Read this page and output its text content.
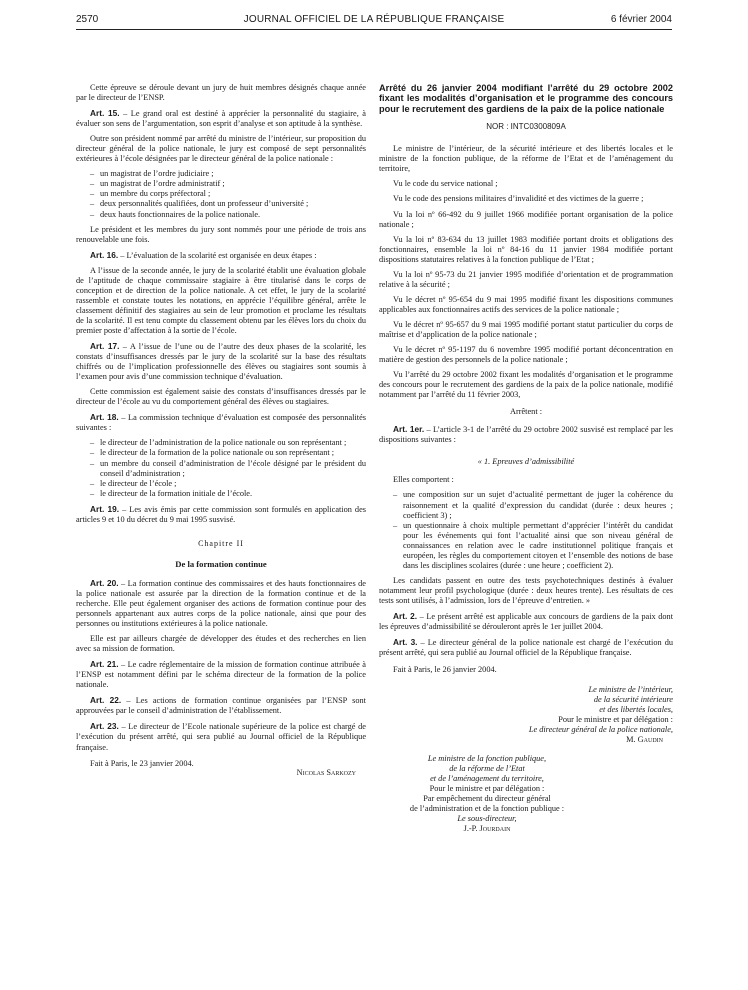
2570	JOURNAL OFFICIEL DE LA RÉPUBLIQUE FRANÇAISE	6 février 2004

Cette épreuve se déroule devant un jury de huit membres désignés chaque année par le directeur de l’ENSP.

Art. 15. – Le grand oral est destiné à apprécier la personnalité du stagiaire, à évaluer son sens de l’argumentation, son esprit d’analyse et son aptitude à la synthèse.

Outre son président nommé par arrêté du ministre de l’intérieur, sur proposition du directeur général de la police nationale, le jury est composé de sept personnalités extérieures à l’école désignées par le directeur général de la police nationale :

– un magistrat de l’ordre judiciaire ;
– un magistrat de l’ordre administratif ;
– un membre du corps préfectoral ;
– deux personnalités qualifiées, dont un professeur d’université ;
– deux hauts fonctionnaires de la police nationale.

Le président et les membres du jury sont nommés pour une période de trois ans renouvelable une fois.

Art. 16. – L’évaluation de la scolarité est organisée en deux étapes :

A l’issue de la seconde année, le jury de la scolarité établit une évaluation globale de l’aptitude de chaque commissaire stagiaire à être titularisé dans le corps de conception et de direction de la police nationale. A cet effet, le jury de la scolarité rassemble et constate toutes les notations, en apprécie l’équilibre général, arrête le classement définitif des stagiaires au sein de leur promotion et proclame les résultats de la scolarité. Il est tenu compte du classement obtenu par les élèves lors du choix du premier poste d’affectation à la sortie de l’école.

Art. 17. – A l’issue de l’une ou de l’autre des deux phases de la scolarité, les constats d’insuffisances dressés par le jury de la scolarité sur la base des résultats chiffrés ou de l’implication professionnelle des élèves ou stagiaires sont soumis à l’examen pour avis d’une commission technique d’évaluation.

Cette commission est également saisie des constats d’insuffisances dressés par le directeur de l’école au vu du comportement général des élèves ou stagiaires.

Art. 18. – La commission technique d’évaluation est composée des personnalités suivantes :

– le directeur de l’administration de la police nationale ou son représentant ;
– le directeur de la formation de la police nationale ou son représentant ;
– un membre du conseil d’administration de l’école désigné par le président du conseil d’administration ;
– le directeur de l’école ;
– le directeur de la formation initiale de l’école.

Art. 19. – Les avis émis par cette commission sont formulés en application des articles 9 et 10 du décret du 9 mai 1995 susvisé.

Chapitre II
De la formation continue

Art. 20. – La formation continue des commissaires et des hauts fonctionnaires de la police nationale est assurée par la direction de la formation continue et de la recherche. Elle peut également organiser des actions de formation continue pour des personnels appartenant aux autres corps de la police nationale, ainsi que pour des personnes ou institutions extérieures à la police nationale.

Elle est par ailleurs chargée de développer des études et des recherches en lien avec sa mission de formation.

Art. 21. – Le cadre réglementaire de la mission de formation continue attribuée à l’ENSP est notamment défini par le schéma directeur de la formation de la police nationale.

Art. 22. – Les actions de formation continue organisées par l’ENSP sont approuvées par le conseil d’administration de l’établissement.

Art. 23. – Le directeur de l’Ecole nationale supérieure de la police est chargé de l’exécution du présent arrêté, qui sera publié au Journal officiel de la République française.

Fait à Paris, le 23 janvier 2004.
Nicolas Sarkozy
Arrêté du 26 janvier 2004 modifiant l’arrêté du 29 octobre 2002 fixant les modalités d’organisation et le programme des concours pour le recrutement des gardiens de la paix de la police nationale
NOR : INTC0300809A

Le ministre de l’intérieur, de la sécurité intérieure et des libertés locales et le ministre de la fonction publique, de la réforme de l’Etat et de l’aménagement du territoire,

Vu le code du service national ;

Vu le code des pensions militaires d’invalidité et des victimes de la guerre ;

Vu la loi nº 66-492 du 9 juillet 1966 modifiée portant organisation de la police nationale ;

Vu la loi nº 83-634 du 13 juillet 1983 modifiée portant droits et obligations des fonctionnaires, ensemble la loi nº 84-16 du 11 janvier 1984 modifiée portant dispositions statutaires relatives à la fonction publique de l’Etat ;

Vu la loi nº 95-73 du 21 janvier 1995 modifiée d’orientation et de programmation relative à la sécurité ;

Vu le décret nº 95-654 du 9 mai 1995 modifié fixant les dispositions communes applicables aux fonctionnaires actifs des services de la police nationale ;

Vu le décret nº 95-657 du 9 mai 1995 modifié portant statut particulier du corps de maîtrise et d’application de la police nationale ;

Vu le décret nº 95-1197 du 6 novembre 1995 modifié portant déconcentration en matière de gestion des personnels de la police nationale ;

Vu l’arrêté du 29 octobre 2002 fixant les modalités d’organisation et le programme des concours pour le recrutement des gardiens de la paix de la police nationale, modifié notamment par l’arrêté du 11 février 2003,

Arrêtent :

Art. 1er. – L’article 3-1 de l’arrêté du 29 octobre 2002 susvisé est remplacé par les dispositions suivantes :

« 1. Epreuves d’admissibilité

Elles comportent :

– une composition sur un sujet d’actualité permettant de juger la cohérence du raisonnement et la qualité d’expression du candidat (durée : deux heures ; coefficient 3) ;
– un questionnaire à choix multiple permettant d’apprécier l’intérêt du candidat pour les événements qui font l’actualité ainsi que son niveau général de connaissances en relation avec le cadre institutionnel politique français et européen, les règles du comportement citoyen et l’ensemble des notions de base dans les disciplines scolaires (durée : une heure ; coefficient 2).

Les candidats passent en outre des tests psychotechniques destinés à évaluer notamment leur profil psychologique (durée : deux heures trente). Les résultats de ces tests sont utilisés, à l’admission, lors de l’épreuve d’entretien. »

Art. 2. – Le présent arrêté est applicable aux concours de gardiens de la paix dont les épreuves d’admissibilité se dérouleront après le 1er juillet 2004.

Art. 3. – Le directeur général de la police nationale est chargé de l’exécution du présent arrêté, qui sera publié au Journal officiel de la République française.

Fait à Paris, le 26 janvier 2004.
Le ministre de l’intérieur,
de la sécurité intérieure
et des libertés locales,
Pour le ministre et par délégation :
Le directeur général de la police nationale,
M. Gaudin
Le ministre de la fonction publique,
de la réforme de l’Etat
et de l’aménagement du territoire,
Pour le ministre et par délégation :
Par empêchement du directeur général
de l’administration et de la fonction publique :
Le sous-directeur,
J.-P. Jourdain
